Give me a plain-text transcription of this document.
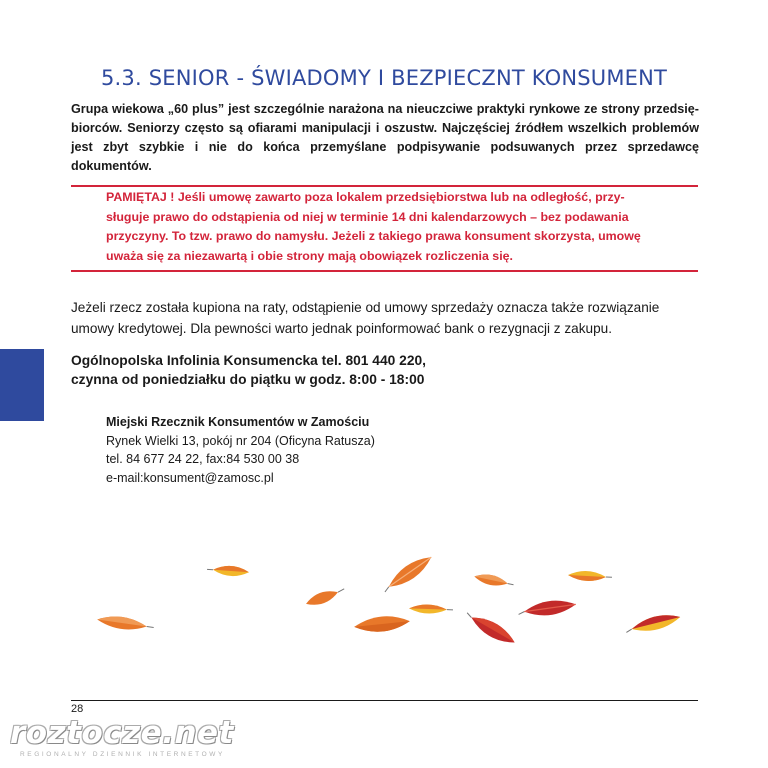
5.3. SENIOR - ŚWIADOMY I BEZPIECZNT KONSUMENT

Grupa wiekowa „60 plus” jest szczególnie narażona na nieuczciwe praktyki rynkowe ze strony przedsię- biorców. Seniorzy często są ofiarami manipulacji i oszustw. Najczęściej źródłem wszelkich problemów jest zbyt szybkie i nie do końca przemyślane podpisywanie podsuwanych przez sprzedawcę dokumentów.

PAMIĘTAJ ! Jeśli umowę zawarto poza lokalem przedsiębiorstwa lub na odległość, przy-
sługuje prawo do odstąpienia od niej w terminie 14 dni kalendarzowych – bez podawania
przyczyny. To tzw. prawo do namysłu. Jeżeli z takiego prawa konsument skorzysta, umowę
uważa się za niezawartą i obie strony mają obowiązek rozliczenia się.

Jeżeli rzecz została kupiona na raty, odstąpienie od umowy sprzedaży oznacza także rozwiązanie
umowy kredytowej. Dla pewności warto jednak poinformować bank o rezygnacji z zakupu.

Ogólnopolska Infolinia Konsumencka tel. 801 440 220,
czynna od poniedziałku do piątku w godz. 8:00 - 18:00

Miejski Rzecznik Konsumentów w Zamościu
Rynek Wielki 13, pokój nr 204 (Oficyna Ratusza)
tel. 84 677 24 22, fax:84 530 00 38
e-mail:konsument@zamosc.pl
28
roztocze.net
REGIONALNY DZIENNIK INTERNETOWY
